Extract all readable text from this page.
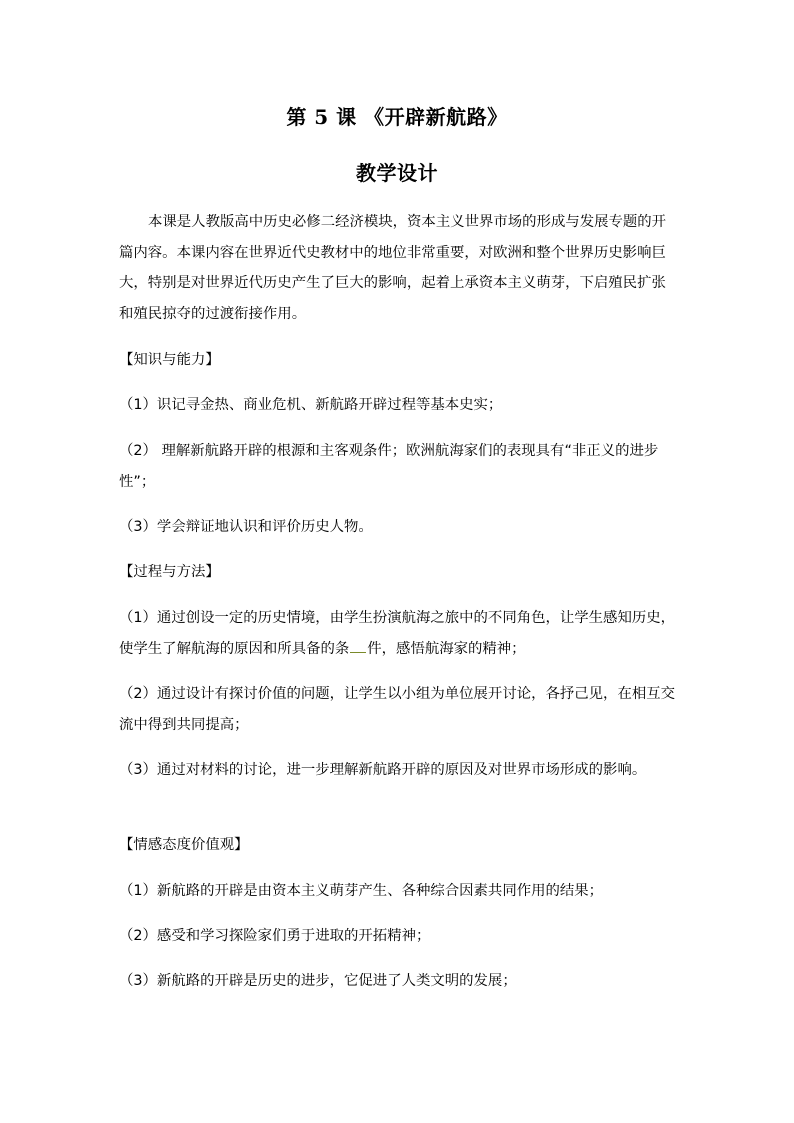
第 5 课 《开辟新航路》
教学设计

本课是人教版高中历史必修二经济模块，资本主义世界市场的形成与发展专题的开篇内容。本课内容在世界近代史教材中的地位非常重要，对欧洲和整个世界历史影响巨大，特别是对世界近代历史产生了巨大的影响，起着上承资本主义萌芽，下启殖民扩张和殖民掠夺的过渡衔接作用。

【知识与能力】

（1）识记寻金热、商业危机、新航路开辟过程等基本史实；

（2） 理解新航路开辟的根源和主客观条件；欧洲航海家们的表现具有“非正义的进步性”；

（3）学会辩证地认识和评价历史人物。

【过程与方法】

（1）通过创设一定的历史情境，由学生扮演航海之旅中的不同角色，让学生感知历史，使学生了解航海的原因和所具备的条 件，感悟航海家的精神；

（2）通过设计有探讨价值的问题，让学生以小组为单位展开讨论，各抒己见，在相互交流中得到共同提高；

（3）通过对材料的讨论，进一步理解新航路开辟的原因及对世界市场形成的影响。

【情感态度价值观】

（1）新航路的开辟是由资本主义萌芽产生、各种综合因素共同作用的结果；

（2）感受和学习探险家们勇于进取的开拓精神；

（3）新航路的开辟是历史的进步，它促进了人类文明的发展；
